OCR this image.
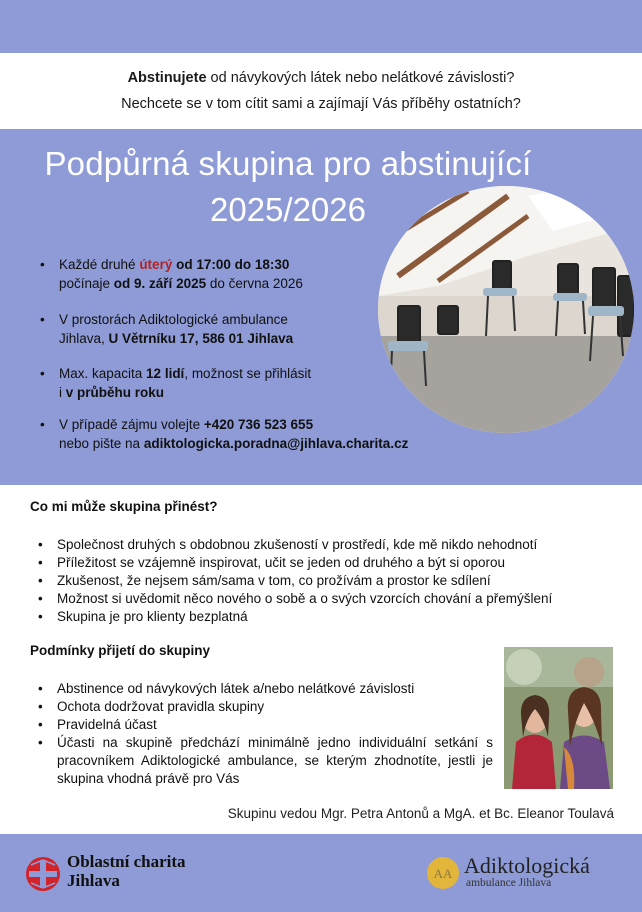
Abstinujete od návykových látek nebo nelátkové závislosti?
Nechcete se v tom cítit sami a zajímají Vás příběhy ostatních?
Podpůrná skupina pro abstinující
2025/2026
•	Každé druhé úterý od 17:00 do 18:30
počínaje od 9. září 2025 do června 2026
•	V prostorách Adiktologické ambulance
Jihlava, U Větrníku 17, 586 01 Jihlava
•	Max. kapacita 12 lidí, možnost se přihlásit
i v průběhu roku
•	V případě zájmu volejte +420 736 523 655
nebo pište na adiktologicka.poradna@jihlava.charita.cz
Co mi může skupina přinést?
• Společnost druhých s obdobnou zkušeností v prostředí, kde mě nikdo nehodnotí
• Příležitost se vzájemně inspirovat, učit se jeden od druhého a být si oporou
• Zkušenost, že nejsem sám/sama v tom, co prožívám a prostor ke sdílení
• Možnost si uvědomit něco nového o sobě a o svých vzorcích chování a přemýšlení
• Skupina je pro klienty bezplatná
Podmínky přijetí do skupiny
• Abstinence od návykových látek a/nebo nelátkové závislosti
• Ochota dodržovat pravidla skupiny
• Pravidelná účast
• Účasti na skupině předchází minimálně jedno individuální setkání s pracovníkem Adiktologické ambulance, se kterým zhodnotíte, jestli je skupina vhodná právě pro Vás
Skupinu vedou Mgr. Petra Antonů a MgA. et Bc. Eleanor Toulavá
Oblastní charita
Jihlava	AA Adiktologická
ambulance Jihlava
